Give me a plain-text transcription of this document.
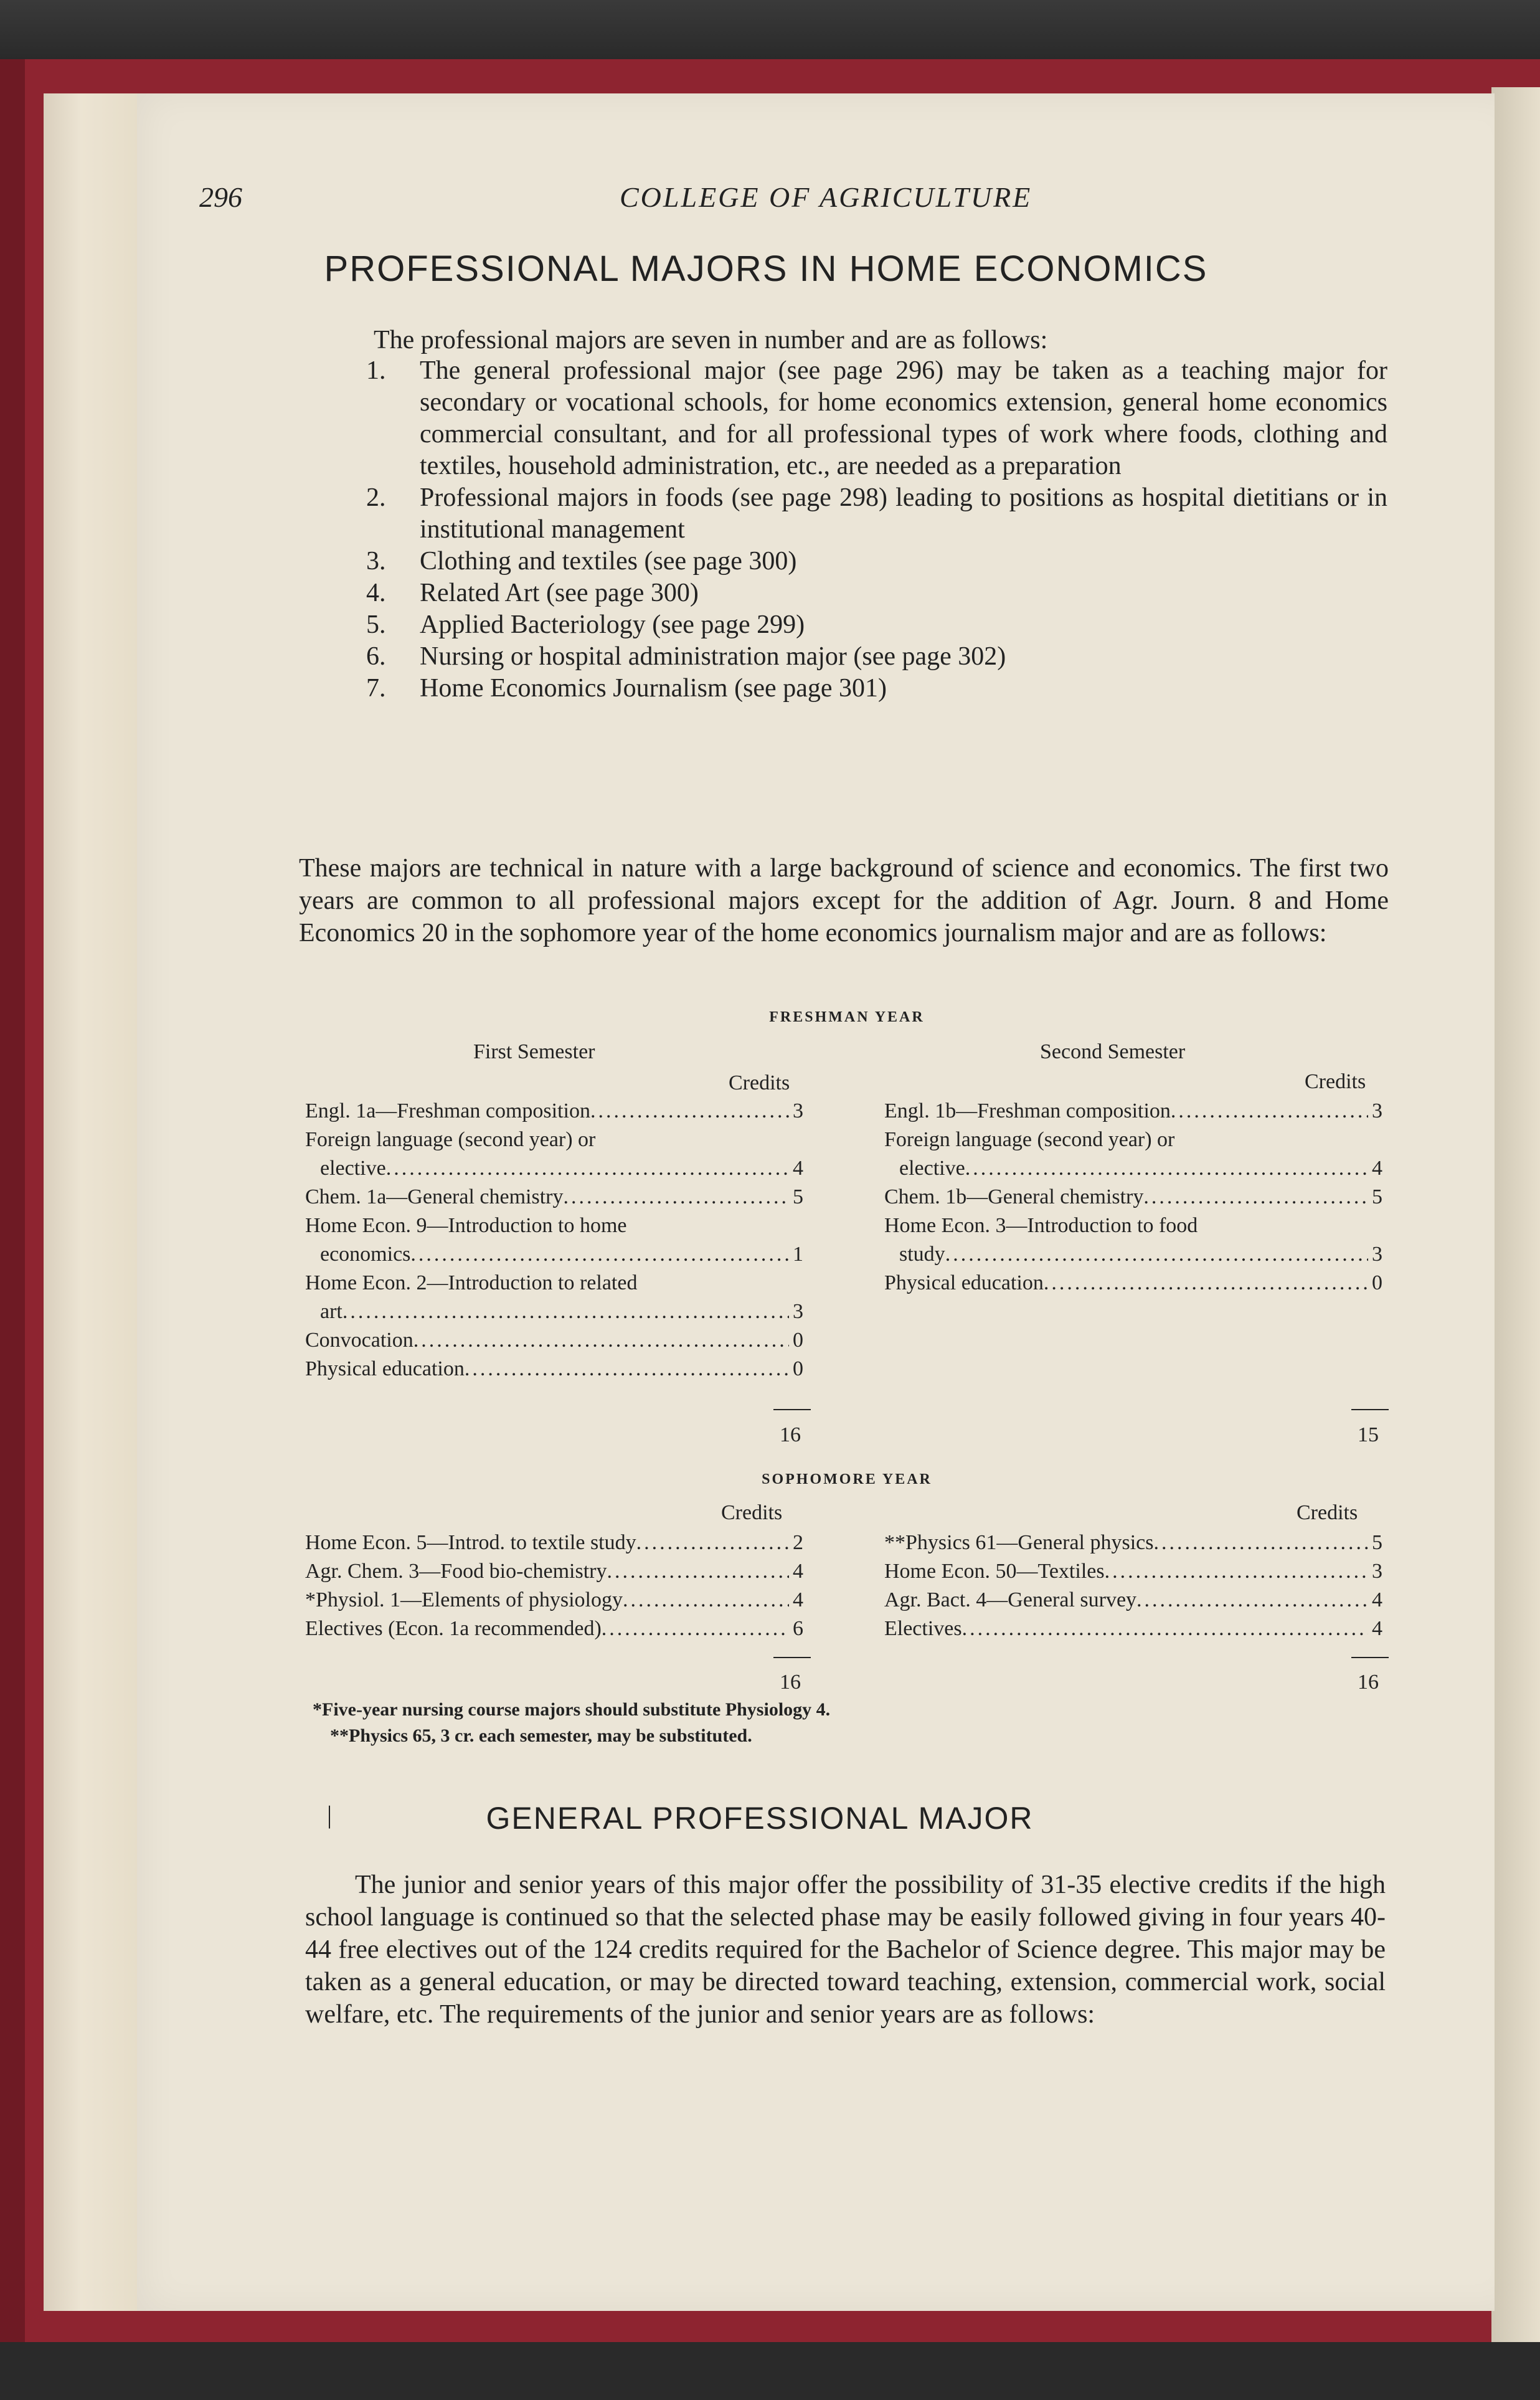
296	COLLEGE OF AGRICULTURE
PROFESSIONAL MAJORS IN HOME ECONOMICS
The professional majors are seven in number and are as follows:
1. The general professional major (see page 296) may be taken as a teaching major for secondary or vocational schools, for home economics extension, general home economics commercial consultant, and for all professional types of work where foods, clothing and textiles, household administration, etc., are needed as a preparation
2. Professional majors in foods (see page 298) leading to positions as hospital dietitians or in institutional management
3. Clothing and textiles (see page 300)
4. Related Art (see page 300)
5. Applied Bacteriology (see page 299)
6. Nursing or hospital administration major (see page 302)
7. Home Economics Journalism (see page 301)
These majors are technical in nature with a large background of science and economics. The first two years are common to all professional majors except for the addition of Agr. Journ. 8 and Home Economics 20 in the sophomore year of the home economics journalism major and are as follows:
FRESHMAN YEAR
First Semester	Second Semester
Credits	Credits
Engl. 1a—Freshman composition .....	3
Foreign language (second year) or
elective .....	4
Chem. 1a—General chemistry .....	5
Home Econ. 9—Introduction to home
economics .....	1
Home Econ. 2—Introduction to related
art .....	3
Convocation .....	0
Physical education .....	0
Engl. 1b—Freshman composition .....	3
Foreign language (second year) or
elective .....	4
Chem. 1b—General chemistry .....	5
Home Econ. 3—Introduction to food
study .....	3
Physical education .....	0
16	15
SOPHOMORE YEAR
Credits	Credits
Home Econ. 5—Introd. to textile study .....	2
Agr. Chem. 3—Food bio-chemistry .....	4
*Physiol. 1—Elements of physiology .....	4
Electives (Econ. 1a recommended) .....	6
**Physics 61—General physics .....	5
Home Econ. 50—Textiles .....	3
Agr. Bact. 4—General survey .....	4
Electives .....	4
16	16
*Five-year nursing course majors should substitute Physiology 4.
**Physics 65, 3 cr. each semester, may be substituted.
|	GENERAL PROFESSIONAL MAJOR
The junior and senior years of this major offer the possibility of 31-35 elective credits if the high school language is continued so that the selected phase may be easily followed giving in four years 40-44 free electives out of the 124 credits required for the Bachelor of Science degree. This major may be taken as a general education, or may be directed toward teaching, extension, commercial work, social welfare, etc. The requirements of the junior and senior years are as follows:
